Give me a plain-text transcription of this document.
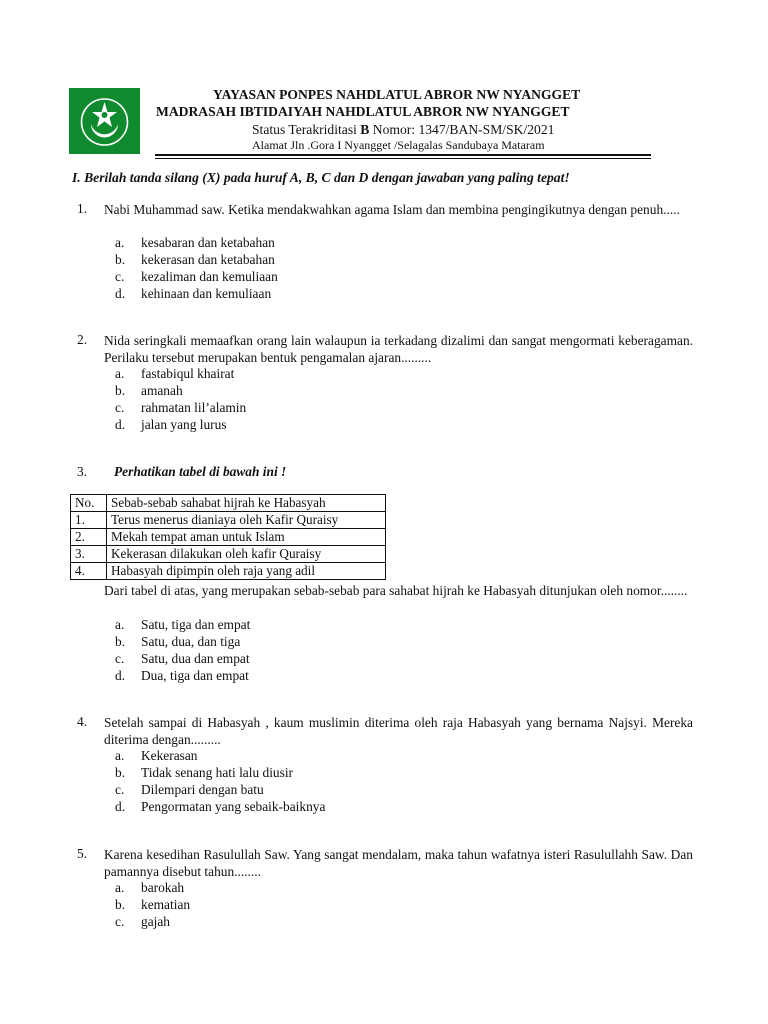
YAYASAN PONPES NAHDLATUL ABROR NW NYANGGET
MADRASAH IBTIDAIYAH NAHDLATUL ABROR NW NYANGGET
Status Terakriditasi B Nomor: 1347/BAN-SM/SK/2021
Alamat Jln .Gora I Nyangget /Selagalas Sandubaya Mataram
I. Berilah tanda silang (X) pada huruf A, B, C dan D dengan jawaban yang paling tepat!
1. Nabi Muhammad saw. Ketika mendakwahkan agama Islam dan membina pengingikutnya dengan penuh.....
a. kesabaran dan ketabahan
b. kekerasan dan ketabahan
c. kezaliman dan kemuliaan
d. kehinaan dan kemuliaan
2. Nida seringkali memaafkan orang lain walaupun ia terkadang dizalimi dan sangat mengormati keberagaman. Perilaku tersebut merupakan bentuk pengamalan ajaran.........
a. fastabiqul khairat
b. amanah
c. rahmatan lil’alamin
d. jalan yang lurus
3. Perhatikan tabel di bawah ini !
No.	Sebab-sebab sahabat hijrah ke Habasyah
1.	Terus menerus dianiaya oleh Kafir Quraisy
2.	Mekah tempat aman untuk Islam
3.	Kekerasan dilakukan oleh kafir Quraisy
4.	Habasyah dipimpin oleh raja yang adil
Dari tabel di atas, yang merupakan sebab-sebab para sahabat hijrah ke Habasyah ditunjukan oleh nomor........
a. Satu, tiga dan empat
b. Satu, dua, dan tiga
c. Satu, dua dan empat
d. Dua, tiga dan empat
4. Setelah sampai di Habasyah , kaum muslimin diterima oleh raja Habasyah yang bernama Najsyi. Mereka diterima dengan.........
a. Kekerasan
b. Tidak senang hati lalu diusir
c. Dilempari dengan batu
d. Pengormatan yang sebaik-baiknya
5. Karena kesedihan Rasulullah Saw. Yang sangat mendalam, maka tahun wafatnya isteri Rasulullahh Saw. Dan pamannya disebut tahun........
a. barokah
b. kematian
c. gajah
